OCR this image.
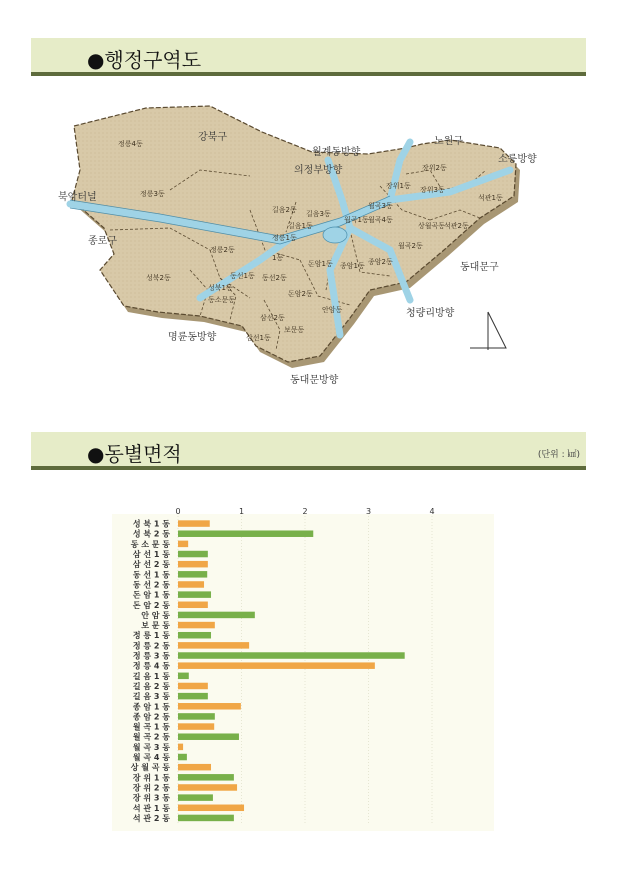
●행정구역도
강북구	노원구
북악터널
종로구
동대문구
월계동방향
의정부방향
소릉방향
청량리방향
명륜동방향
동대문방향
정릉4동
정릉3동
정릉2동
정릉1동
성북2동
성북1동
동소문동
동선1동 동선2동
돈암1동
돈암2동
안암동
삼선1동
삼선2동
보문동
길음1동
길음2동 길음3동
종암1동 종암2동
월곡1동
월곡2동
월곡3동
월곡4동
장위1동
장위2동
장위3동
상월곡동
석관1동
석관2동
1동
●동별면적	(단위 : ㎢)
0	1	2	3	4
성 북 1 동
성 북 2 동
동 소 문 동
삼 선 1 동
삼 선 2 동
동 선 1 동
동 선 2 동
돈 암 1 동
돈 암 2 동
안 암 동
보 문 동
정 릉 1 동
정 릉 2 동
정 릉 3 동
정 릉 4 동
길 음 1 동
길 음 2 동
길 음 3 동
종 암 1 동
종 암 2 동
월 곡 1 동
월 곡 2 동
월 곡 3 동
월 곡 4 동
상 월 곡 동
장 위 1 동
장 위 2 동
장 위 3 동
석 관 1 동
석 관 2 동
